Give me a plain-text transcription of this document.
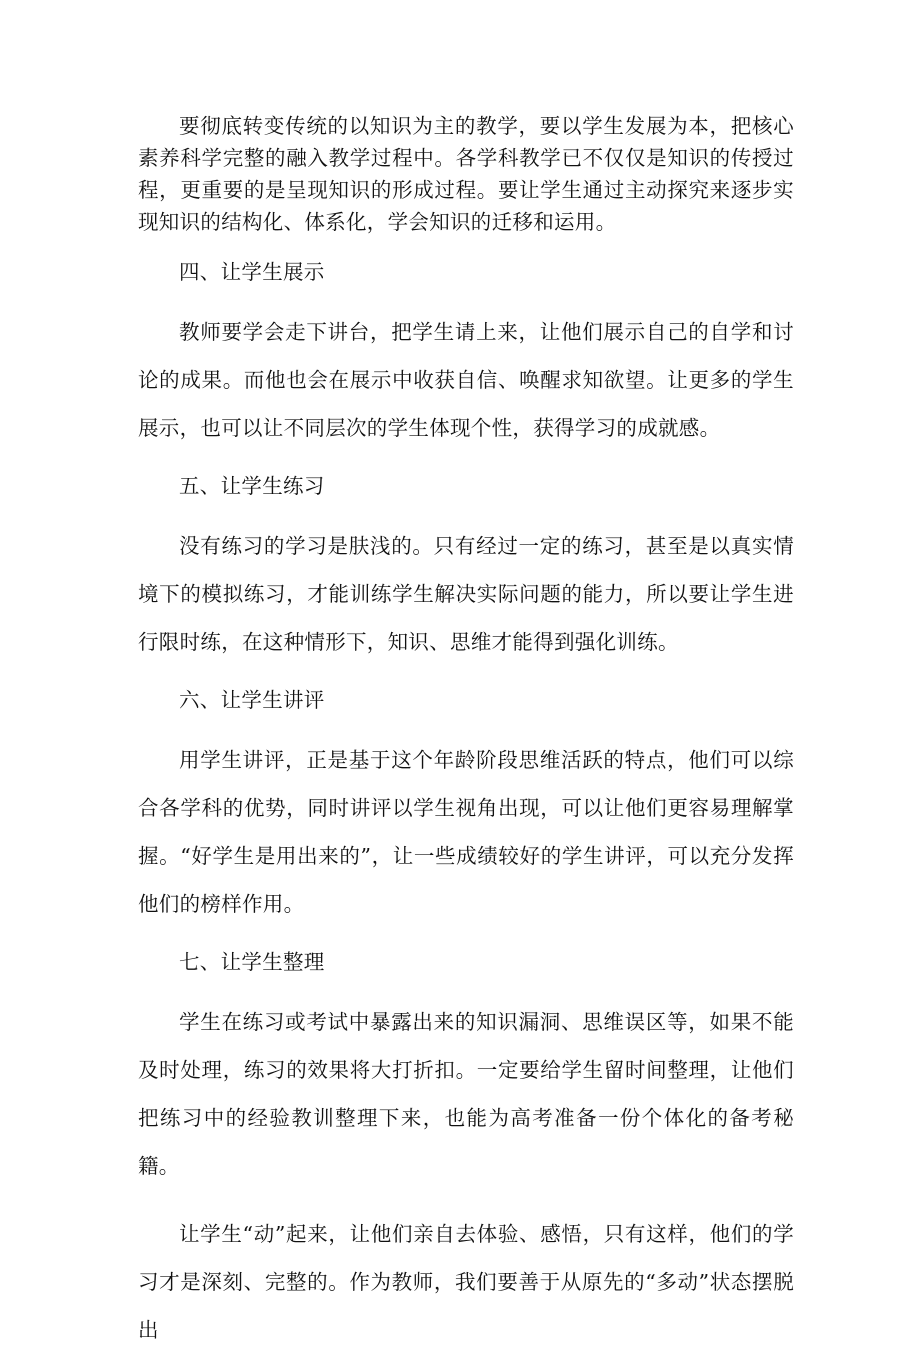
要彻底转变传统的以知识为主的教学，要以学生发展为本，把核心素养科学完整的融入教学过程中。各学科教学已不仅仅是知识的传授过程，更重要的是呈现知识的形成过程。要让学生通过主动探究来逐步实现知识的结构化、体系化，学会知识的迁移和运用。

四、让学生展示

教师要学会走下讲台，把学生请上来，让他们展示自己的自学和讨论的成果。而他也会在展示中收获自信、唤醒求知欲望。让更多的学生展示，也可以让不同层次的学生体现个性，获得学习的成就感。

五、让学生练习

没有练习的学习是肤浅的。只有经过一定的练习，甚至是以真实情境下的模拟练习，才能训练学生解决实际问题的能力，所以要让学生进行限时练，在这种情形下，知识、思维才能得到强化训练。

六、让学生讲评

用学生讲评，正是基于这个年龄阶段思维活跃的特点，他们可以综合各学科的优势，同时讲评以学生视角出现，可以让他们更容易理解掌握。“好学生是用出来的”，让一些成绩较好的学生讲评，可以充分发挥他们的榜样作用。

七、让学生整理

学生在练习或考试中暴露出来的知识漏洞、思维误区等，如果不能及时处理，练习的效果将大打折扣。一定要给学生留时间整理，让他们把练习中的经验教训整理下来，也能为高考准备一份个体化的备考秘籍。

让学生“动”起来，让他们亲自去体验、感悟，只有这样，他们的学习才是深刻、完整的。作为教师，我们要善于从原先的“多动”状态摆脱出
